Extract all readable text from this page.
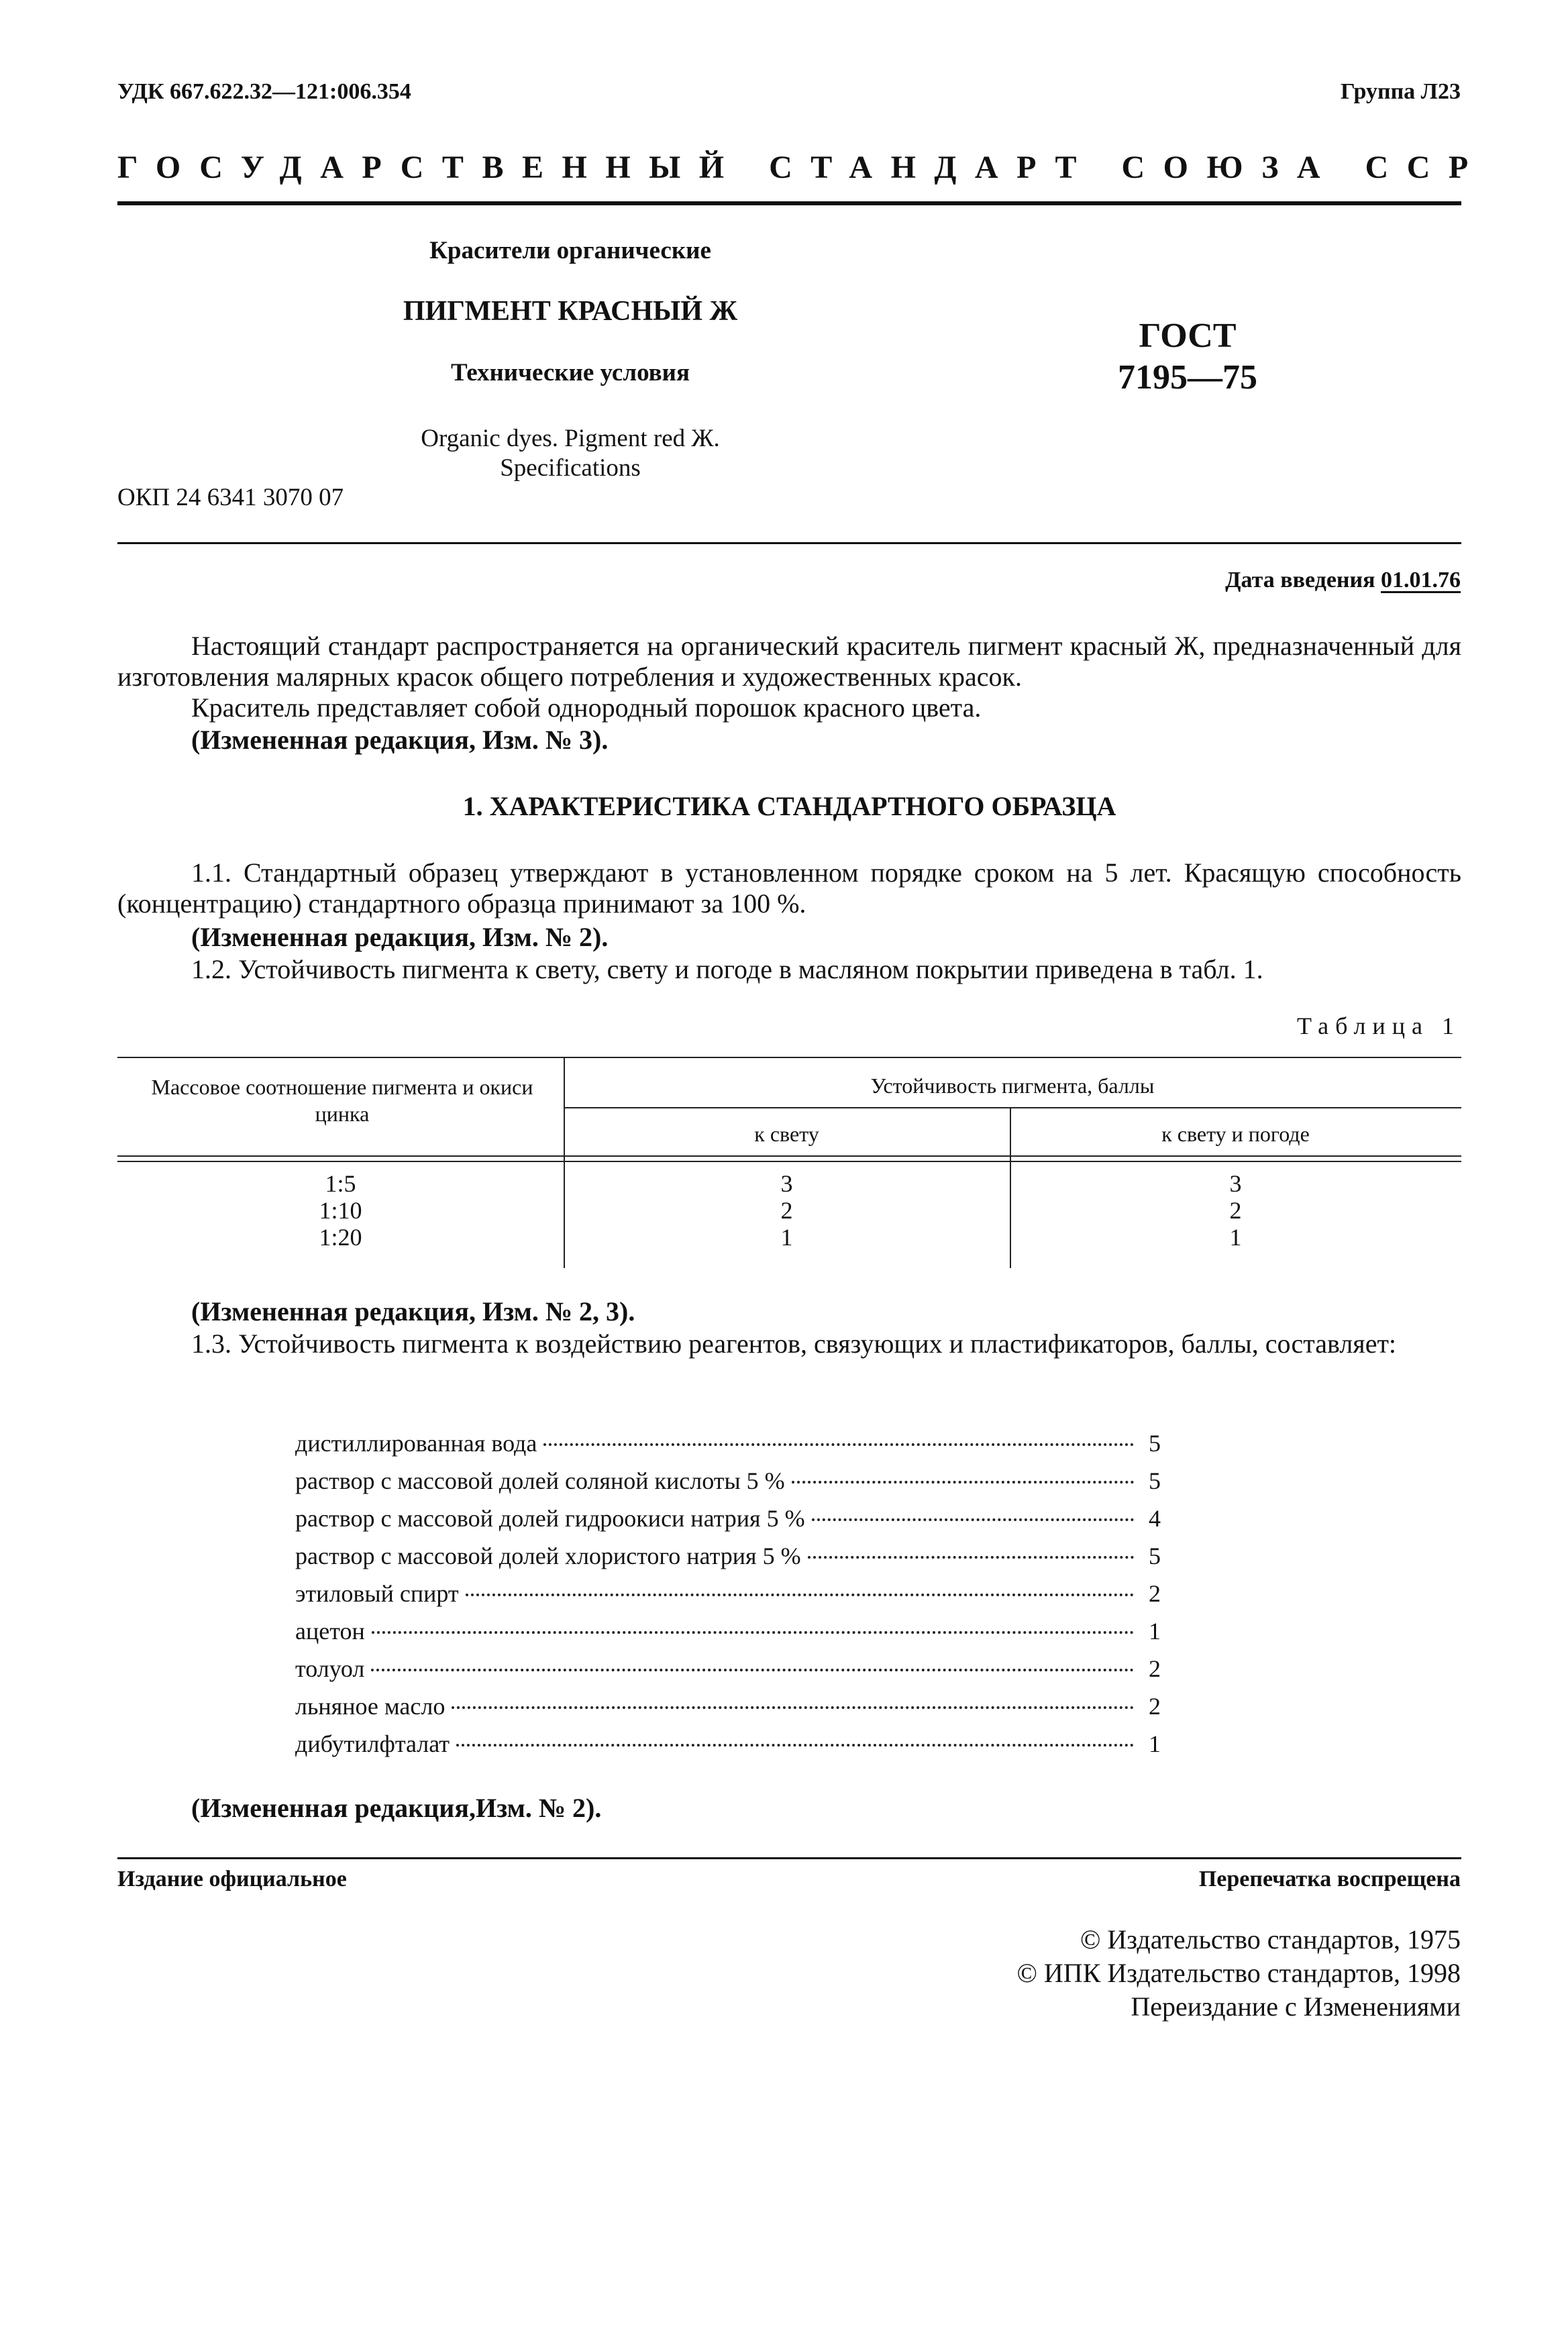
УДК 667.622.32—121:006.354	Группа Л23
ГОСУДАРСТВЕННЫЙ СТАНДАРТ СОЮЗА ССР
Красители органические
ПИГМЕНТ КРАСНЫЙ Ж
Технические условия
Organic dyes. Pigment red Ж.
Specifications
ОКП 24 6341 3070 07
ГОСТ
7195—75
Дата введения 01.01.76
Настоящий стандарт распространяется на органический краситель пигмент красный Ж, предназначенный для изготовления малярных красок общего потребления и художественных красок.
Краситель представляет собой однородный порошок красного цвета.
(Измененная редакция, Изм. № 3).
1. ХАРАКТЕРИСТИКА СТАНДАРТНОГО ОБРАЗЦА
1.1. Стандартный образец утверждают в установленном порядке сроком на 5 лет. Красящую способность (концентрацию) стандартного образца принимают за 100 %.
(Измененная редакция, Изм. № 2).
1.2. Устойчивость пигмента к свету, свету и погоде в масляном покрытии приведена в табл. 1.
Таблица 1
Массовое соотношение пигмента и окиси цинка
Устойчивость пигмента, баллы
к свету	к свету и погоде
1:5	3	3
1:10	2	2
1:20	1	1
(Измененная редакция, Изм. № 2, 3).
1.3. Устойчивость пигмента к воздействию реагентов, связующих и пластификаторов, баллы, составляет:
дистиллированная вода	5
раствор с массовой долей соляной кислоты 5 %	5
раствор с массовой долей гидроокиси натрия 5 %	4
раствор с массовой долей хлористого натрия 5 %	5
этиловый спирт	2
ацетон	1
толуол	2
льняное масло	2
дибутилфталат	1
(Измененная редакция,Изм. № 2).
Издание официальное	Перепечатка воспрещена
© Издательство стандартов, 1975
© ИПК Издательство стандартов, 1998
Переиздание с Изменениями
